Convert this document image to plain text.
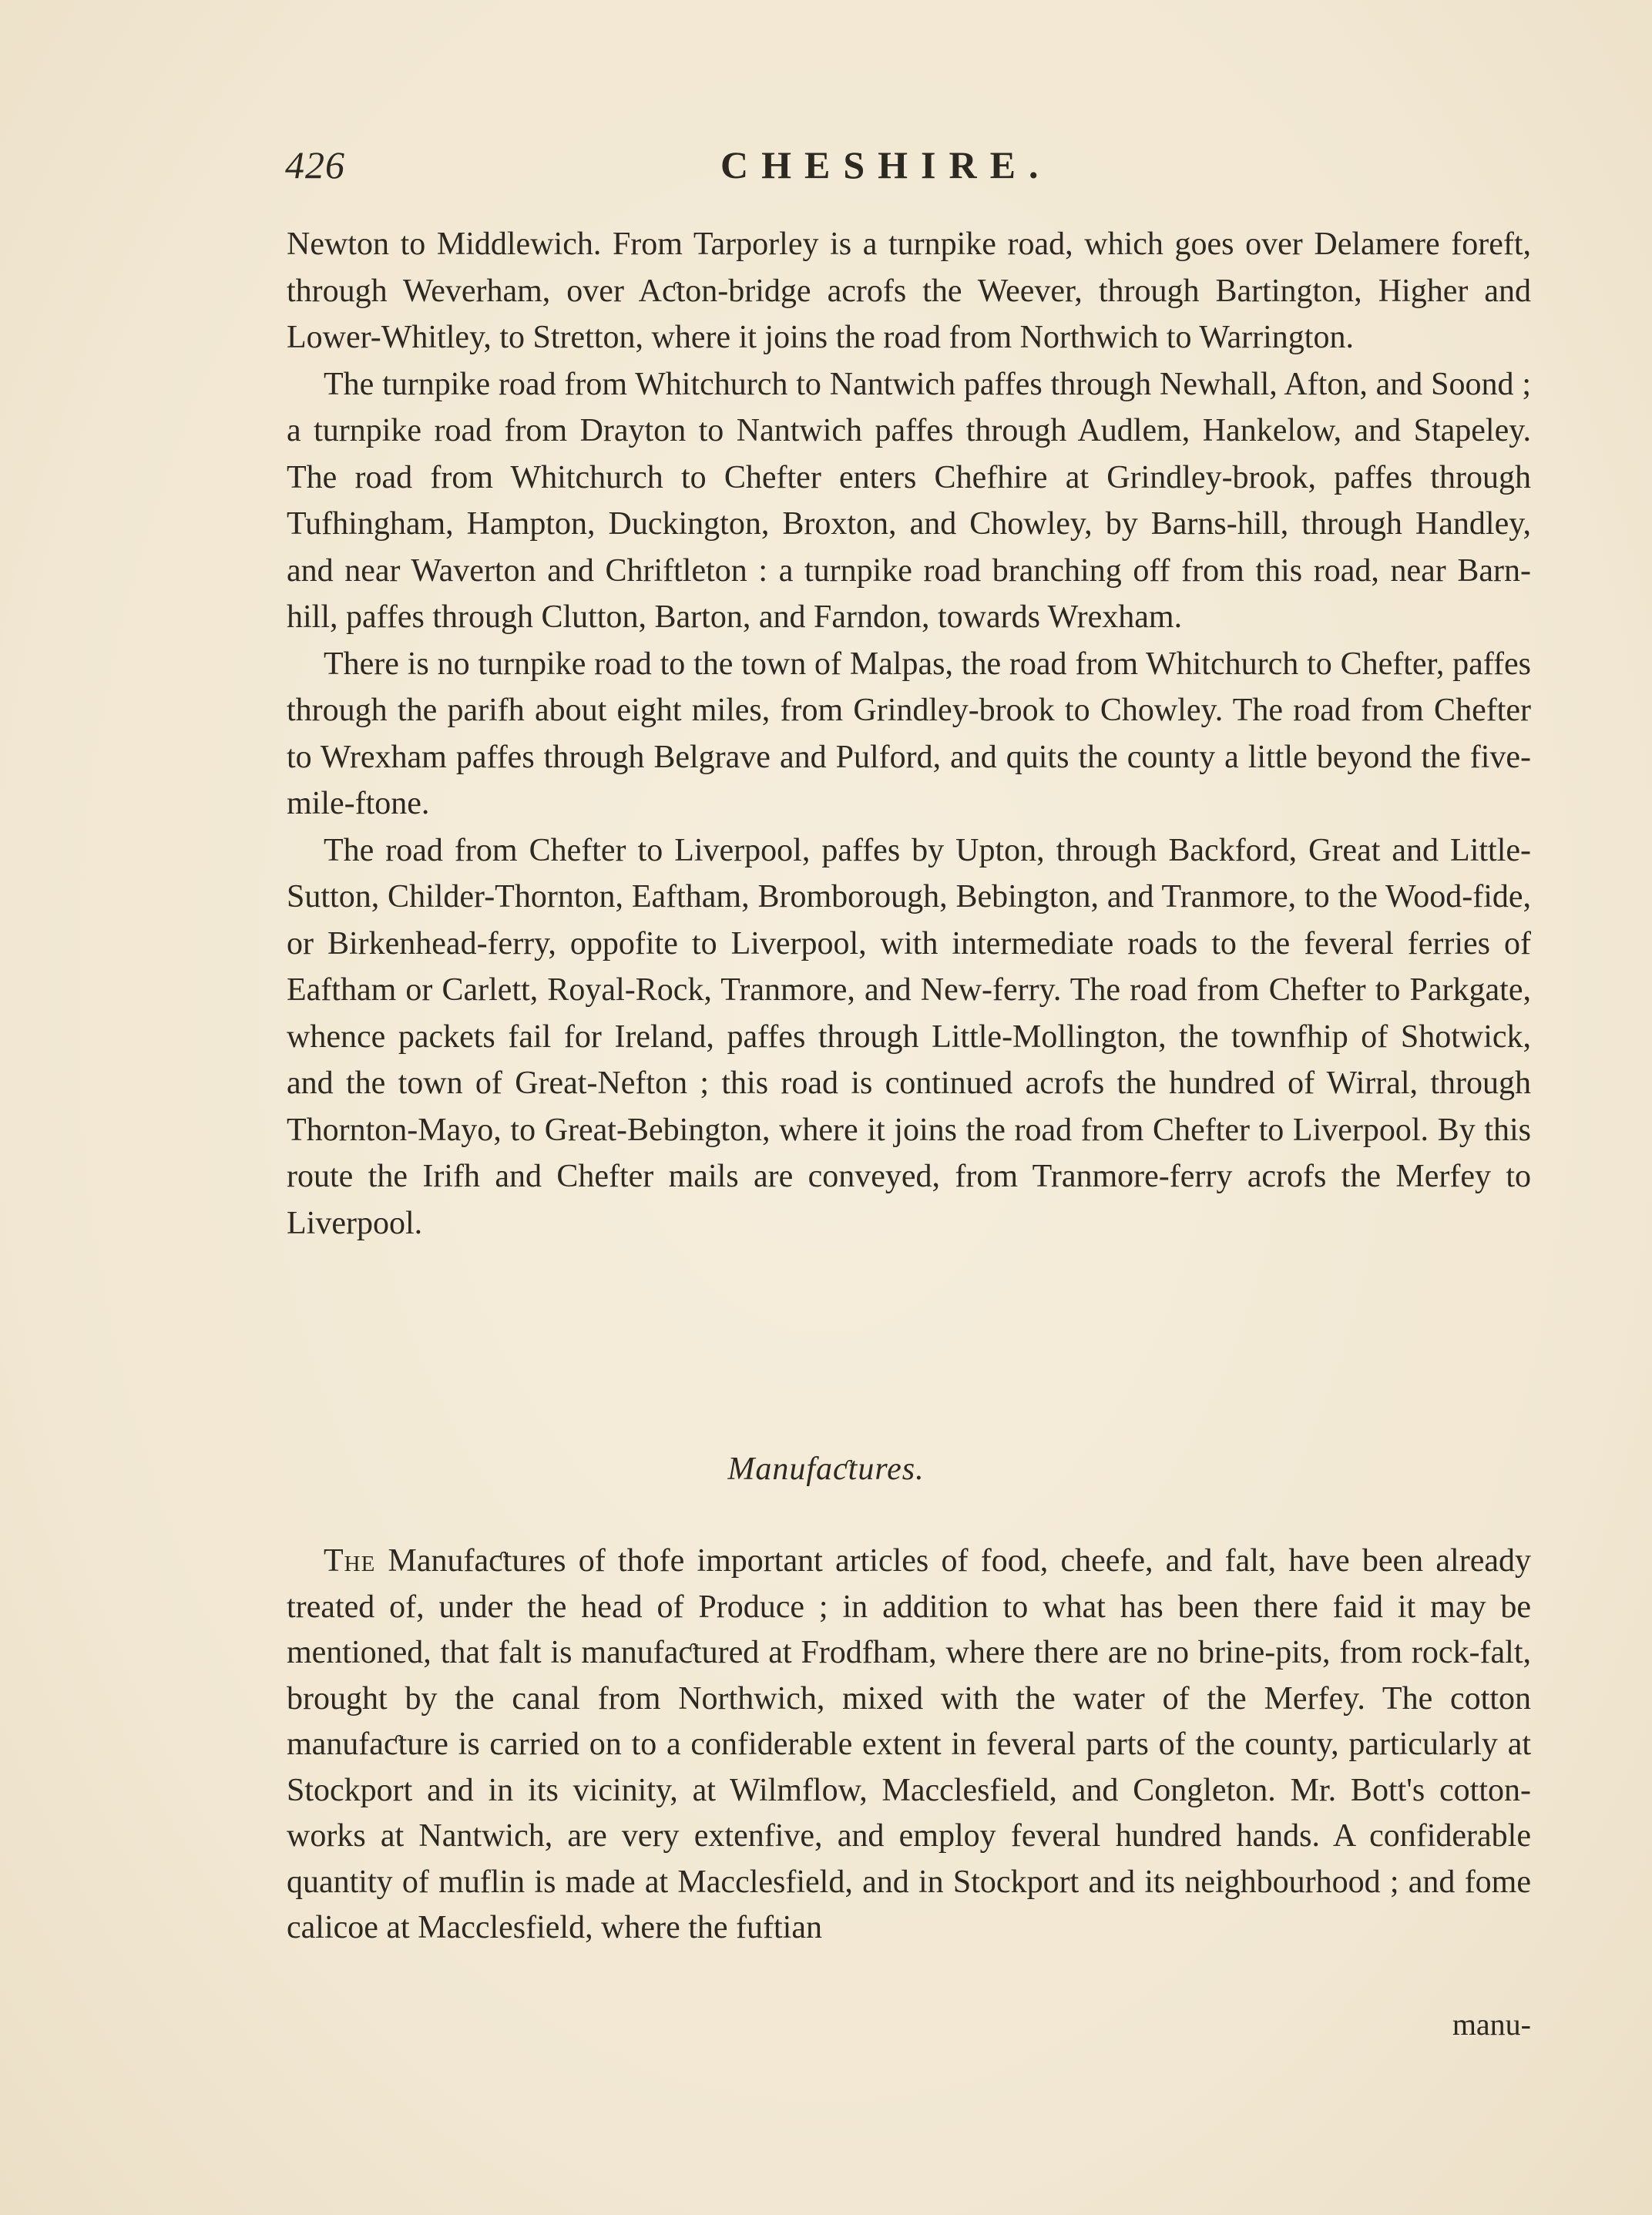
426	CHESHIRE.

Newton to Middlewich. From Tarporley is a turnpike road, which goes over Delamere foreft, through Weverham, over Aƈton-bridge acrofs the Weever, through Bartington, Higher and Lower-Whitley, to Stretton, where it joins the road from Northwich to Warrington.

The turnpike road from Whitchurch to Nantwich paffes through Newhall, Afton, and Soond ; a turnpike road from Drayton to Nantwich paffes through Audlem, Hankelow, and Stapeley. The road from Whitchurch to Chefter enters Chefhire at Grindley-brook, paffes through Tufhingham, Hampton, Duckington, Broxton, and Chowley, by Barns-hill, through Handley, and near Waverton and Chriftleton : a turnpike road branching off from this road, near Barn-hill, paffes through Clutton, Barton, and Farndon, towards Wrexham.

There is no turnpike road to the town of Malpas, the road from Whitchurch to Chefter, paffes through the parifh about eight miles, from Grindley-brook to Chowley. The road from Chefter to Wrexham paffes through Belgrave and Pulford, and quits the county a little beyond the five-mile-ftone.

The road from Chefter to Liverpool, paffes by Upton, through Backford, Great and Little-Sutton, Childer-Thornton, Eaftham, Bromborough, Bebington, and Tranmore, to the Wood-fide, or Birkenhead-ferry, oppofite to Liverpool, with intermediate roads to the feveral ferries of Eaftham or Carlett, Royal-Rock, Tranmore, and New-ferry. The road from Chefter to Parkgate, whence packets fail for Ireland, paffes through Little-Mollington, the townfhip of Shotwick, and the town of Great-Nefton ; this road is continued acrofs the hundred of Wirral, through Thornton-Mayo, to Great-Bebington, where it joins the road from Chefter to Liverpool. By this route the Irifh and Chefter mails are conveyed, from Tranmore-ferry acrofs the Merfey to Liverpool.

Manufaƈtures.

The Manufaƈtures of thofe important articles of food, cheefe, and falt, have been already treated of, under the head of Produce ; in addition to what has been there faid it may be mentioned, that falt is manufaƈtured at Frodfham, where there are no brine-pits, from rock-falt, brought by the canal from Northwich, mixed with the water of the Merfey. The cotton manufaƈture is carried on to a confiderable extent in feveral parts of the county, particularly at Stockport and in its vicinity, at Wilmflow, Macclesfield, and Congleton. Mr. Bott's cotton-works at Nantwich, are very extenfive, and employ feveral hundred hands. A confiderable quantity of muflin is made at Macclesfield, and in Stockport and its neighbourhood ; and fome calicoe at Macclesfield, where the fuftian

manu-
